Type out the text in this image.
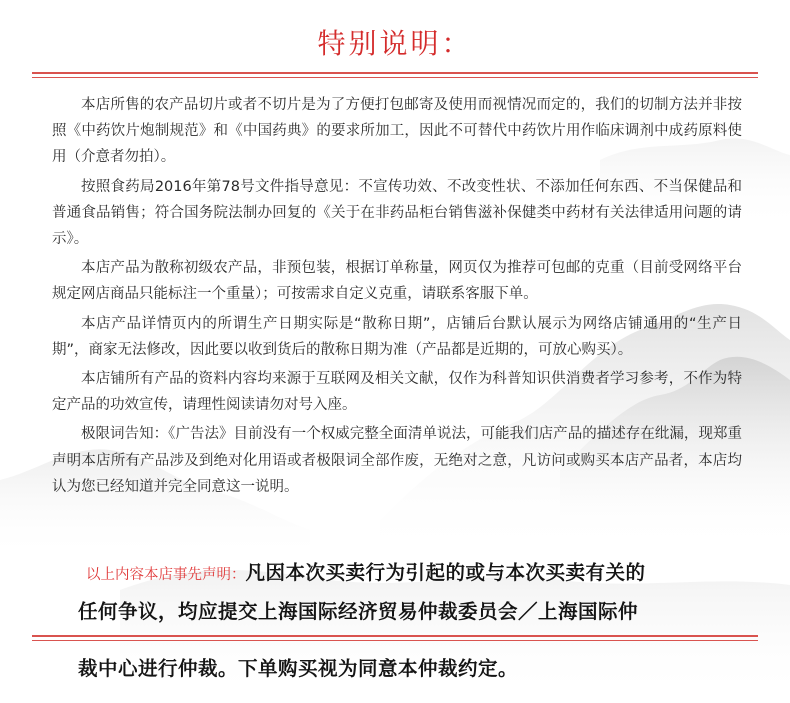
特别说明：

本店所售的农产品切片或者不切片是为了方便打包邮寄及使用而视情况而定的，我们的切制方法并非按照《中药饮片炮制规范》和《中国药典》的要求所加工，因此不可替代中药饮片用作临床调剂中成药原料使用（介意者勿拍）。

按照食药局2016年第78号文件指导意见：不宣传功效、不改变性状、不添加任何东西、不当保健品和普通食品销售；符合国务院法制办回复的《关于在非药品柜台销售滋补保健类中药材有关法律适用问题的请示》。

本店产品为散称初级农产品，非预包装，根据订单称量，网页仅为推荐可包邮的克重（目前受网络平台规定网店商品只能标注一个重量）；可按需求自定义克重，请联系客服下单。

本店产品详情页内的所谓生产日期实际是“散称日期”，店铺后台默认展示为网络店铺通用的“生产日期”，商家无法修改，因此要以收到货后的散称日期为准（产品都是近期的，可放心购买）。

本店铺所有产品的资料内容均来源于互联网及相关文献，仅作为科普知识供消费者学习参考，不作为特定产品的功效宣传，请理性阅读请勿对号入座。

极限词告知：《广告法》目前没有一个权威完整全面清单说法，可能我们店产品的描述存在纰漏，现郑重声明本店所有产品涉及到绝对化用语或者极限词全部作废，无绝对之意，凡访问或购买本店产品者，本店均认为您已经知道并完全同意这一说明。

以上内容本店事先声明：凡因本次买卖行为引起的或与本次买卖有关的
任何争议，均应提交上海国际经济贸易仲裁委员会／上海国际仲
裁中心进行仲裁。下单购买视为同意本仲裁约定。
